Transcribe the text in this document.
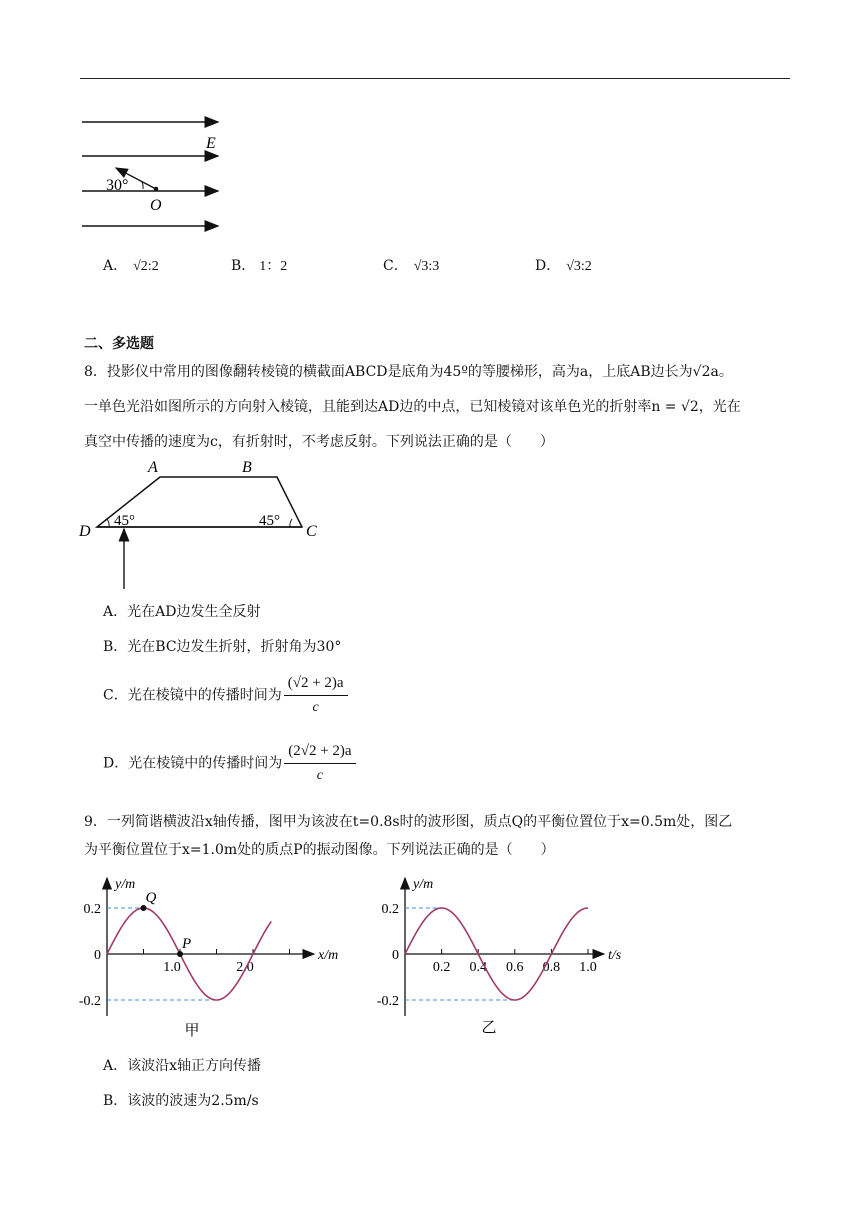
E
O
30°
A． √2:2	B． 1：2	C． √3:3	D． √3:2
二、多选题
8．投影仪中常用的图像翻转棱镜的横截面ABCD是底角为45º的等腰梯形，高为a，上底AB边长为√2a。
一单色光沿如图所示的方向射入棱镜，且能到达AD边的中点，已知棱镜对该单色光的折射率n = √2，光在
真空中传播的速度为c，有折射时，不考虑反射。下列说法正确的是（　　）
A	B
D	C
45°	45°
A．光在AD边发生全反射
B．光在BC边发生折射，折射角为30°
C．光在棱镜中的传播时间为 $\frac{(√2 + 2)a}{c}$
D．光在棱镜中的传播时间为 $\frac{(2√2 + 2)a}{c}$
9．一列简谐横波沿x轴传播，图甲为该波在t=0.8s时的波形图，质点Q的平衡位置位于x=0.5m处，图乙
为平衡位置位于x=1.0m处的质点P的振动图像。下列说法正确的是（　　）
1.0	2.0
0.2
0
-0.2
y/m
x/m
甲
Q
P
0.2 0.4 0.6 0.8 1.0
0.2
0
-0.2
y/m
t/s
乙
A．该波沿x轴正方向传播
B．该波的波速为2.5m/s
